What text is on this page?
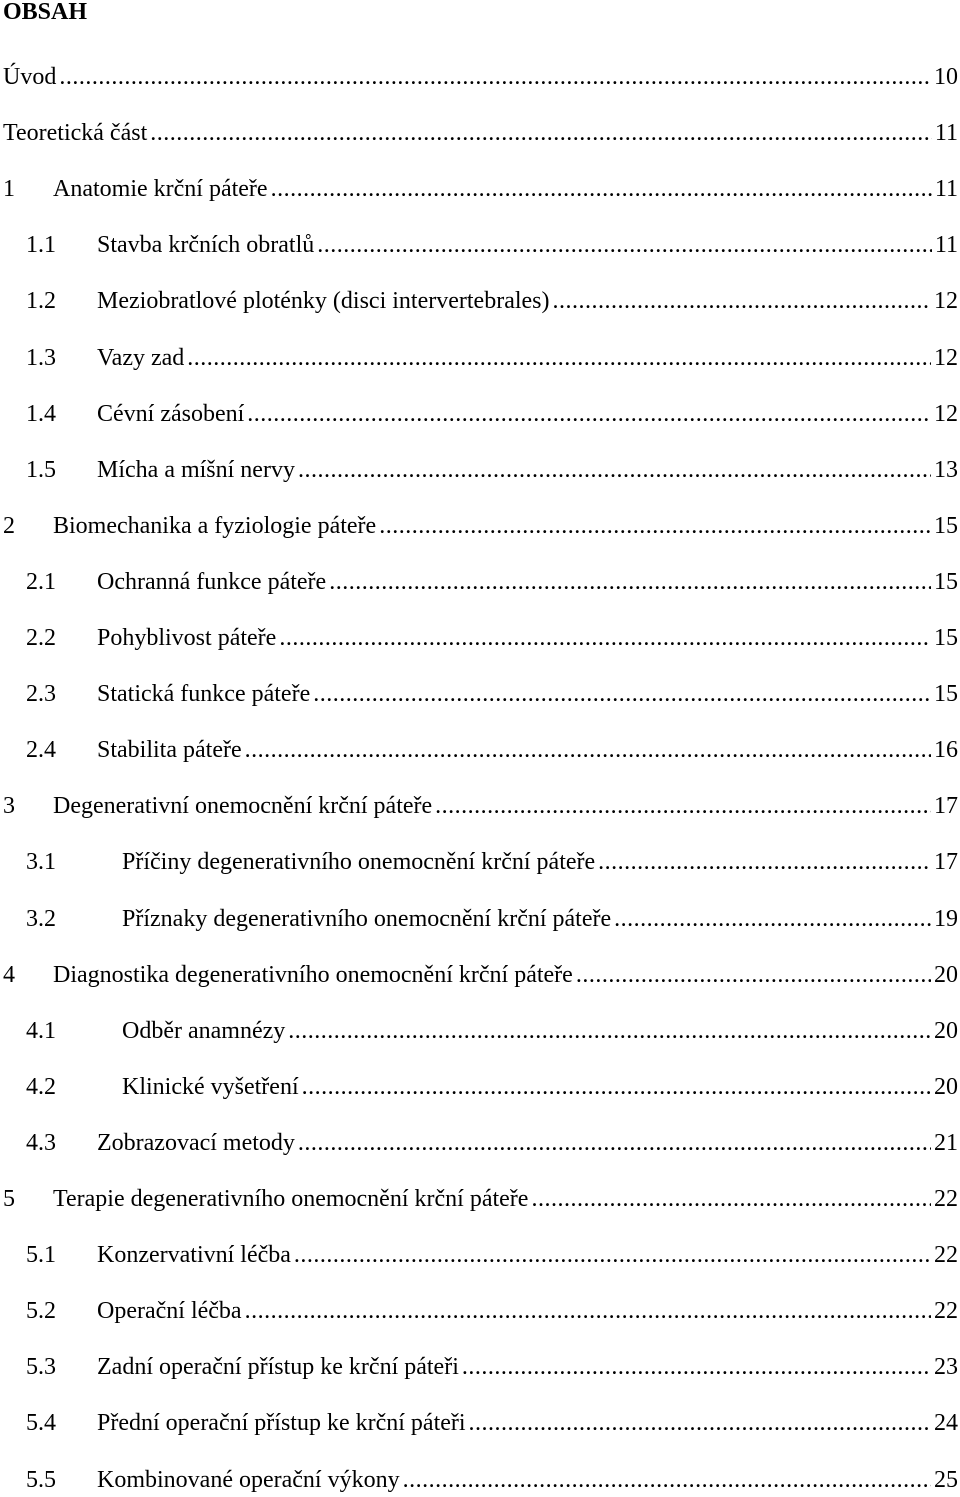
OBSAH
Úvod .....	10
Teoretická část .....	11
1	Anatomie krční páteře .....	11
1.1	Stavba krčních obratlů .....	11
1.2	Meziobratlové ploténky (disci intervertebrales) .....	12
1.3	Vazy zad .....	12
1.4	Cévní zásobení .....	12
1.5	Mícha a míšní nervy .....	13
2	Biomechanika a fyziologie páteře .....	15
2.1	Ochranná funkce páteře .....	15
2.2	Pohyblivost páteře .....	15
2.3	Statická funkce páteře .....	15
2.4	Stabilita páteře .....	16
3	Degenerativní onemocnění krční páteře .....	17
3.1	Příčiny degenerativního onemocnění krční páteře .....	17
3.2	Příznaky degenerativního onemocnění krční páteře .....	19
4	Diagnostika degenerativního onemocnění krční páteře .....	20
4.1	Odběr anamnézy .....	20
4.2	Klinické vyšetření .....	20
4.3	Zobrazovací metody .....	21
5	Terapie degenerativního onemocnění krční páteře .....	22
5.1	Konzervativní léčba .....	22
5.2	Operační léčba .....	22
5.3	Zadní operační přístup ke krční páteři .....	23
5.4	Přední operační přístup ke krční páteři .....	24
5.5	Kombinované operační výkony .....	25
